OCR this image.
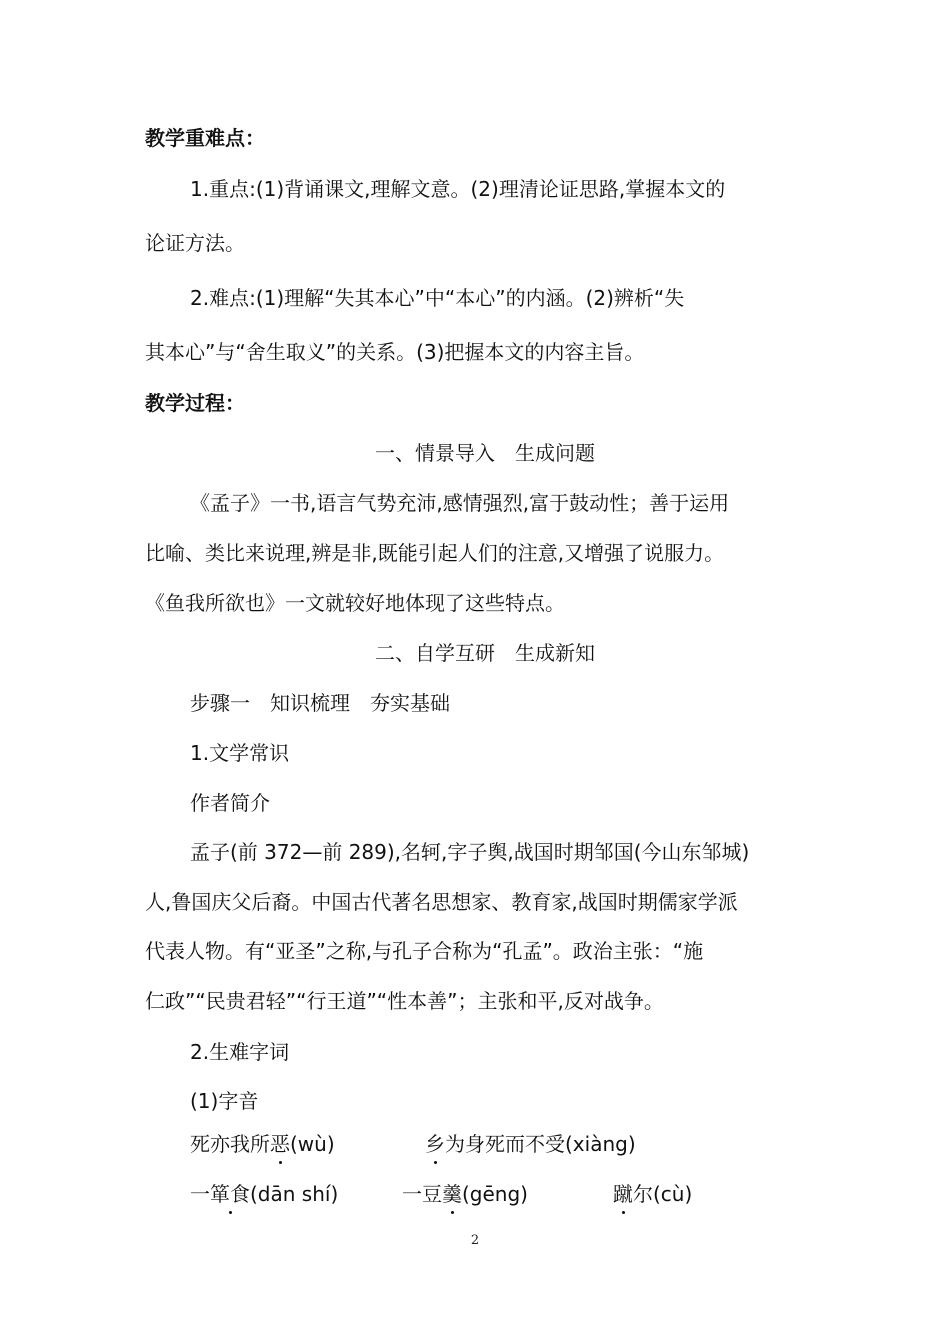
教学重难点：
1.重点:(1)背诵课文,理解文意。(2)理清论证思路,掌握本文的
论证方法。
2.难点:(1)理解“失其本心”中“本心”的内涵。(2)辨析“失
其本心”与“舍生取义”的关系。(3)把握本文的内容主旨。
教学过程：
一、情景导入　生成问题
《孟子》一书,语言气势充沛,感情强烈,富于鼓动性；善于运用
比喻、类比来说理,辨是非,既能引起人们的注意,又增强了说服力。
《鱼我所欲也》一文就较好地体现了这些特点。
二、自学互研　生成新知
步骤一　知识梳理　夯实基础
1.文学常识
作者简介
孟子(前 372—前 289),名轲,字子舆,战国时期邹国(今山东邹城)
人,鲁国庆父后裔。中国古代著名思想家、教育家,战国时期儒家学派
代表人物。有“亚圣”之称,与孔子合称为“孔孟”。政治主张：“施
仁政”“民贵君轻”“行王道”“性本善”；主张和平,反对战争。
2.生难字词
(1)字音
死亦我所恶(wù)	乡为身死而不受(xiàng)
一箪食(dān shí)	一豆羹(gēng)	蹴尔(cù)
2
